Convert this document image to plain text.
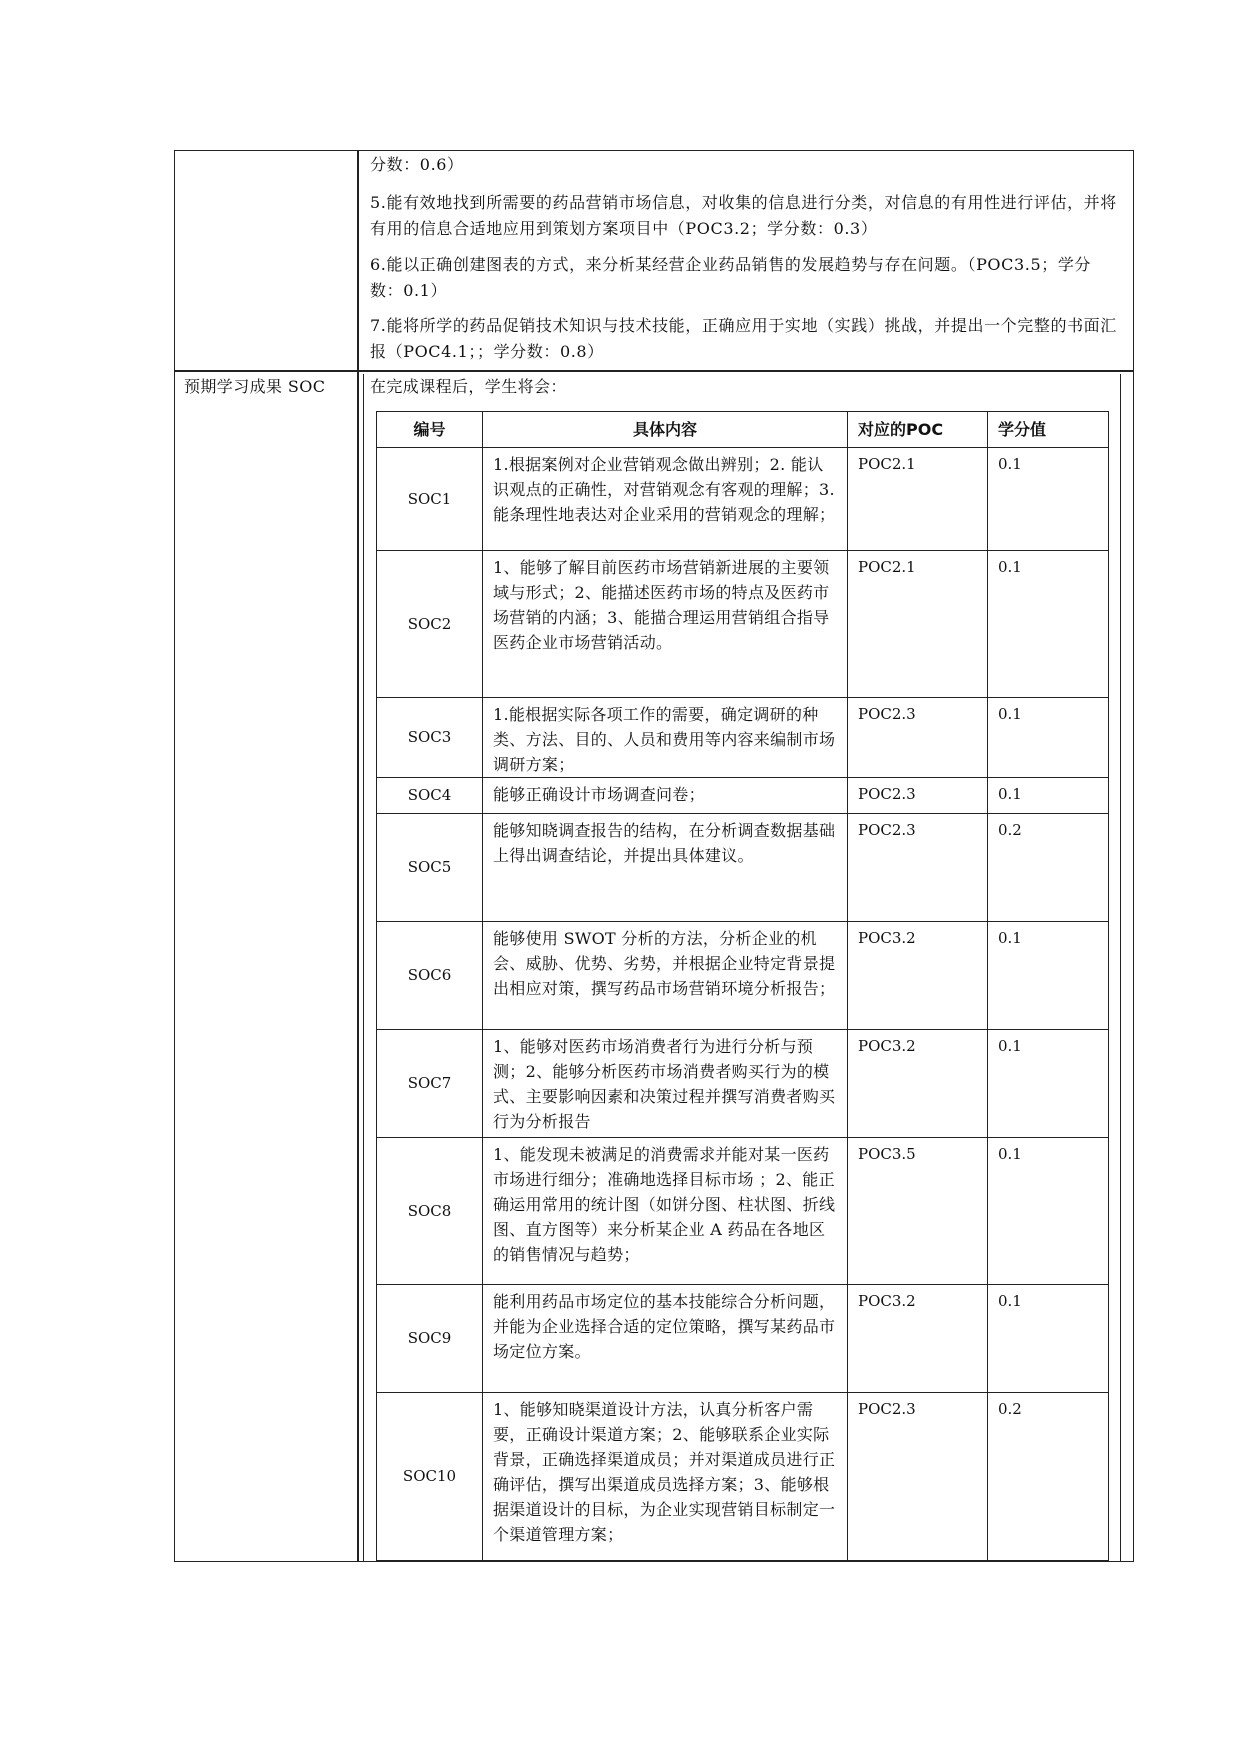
分数：0.6）
5.能有效地找到所需要的药品营销市场信息，对收集的信息进行分类，对信息的有用性进行评估，并将有用的信息合适地应用到策划方案项目中（POC3.2；学分数：0.3）
6.能以正确创建图表的方式，来分析某经营企业药品销售的发展趋势与存在问题。（POC3.5；学分数：0.1）
7.能将所学的药品促销技术知识与技术技能，正确应用于实地（实践）挑战，并提出一个完整的书面汇报（POC4.1；；学分数：0.8）
预期学习成果 SOC	在完成课程后，学生将会：
编号	具体内容	对应的POC	学分值
SOC1	1.根据案例对企业营销观念做出辨别；2. 能认识观点的正确性，对营销观念有客观的理解；3.能条理性地表达对企业采用的营销观念的理解；	POC2.1	0.1
SOC2	1、能够了解目前医药市场营销新进展的主要领域与形式；2、能描述医药市场的特点及医药市场营销的内涵；3、能描合理运用营销组合指导医药企业市场营销活动。	POC2.1	0.1
SOC3	1.能根据实际各项工作的需要，确定调研的种类、方法、目的、人员和费用等内容来编制市场调研方案；	POC2.3	0.1
SOC4	能够正确设计市场调查问卷；	POC2.3	0.1
SOC5	能够知晓调查报告的结构，在分析调查数据基础上得出调查结论，并提出具体建议。	POC2.3	0.2
SOC6	能够使用 SWOT 分析的方法，分析企业的机会、威胁、优势、劣势，并根据企业特定背景提出相应对策，撰写药品市场营销环境分析报告；	POC3.2	0.1
SOC7	1、能够对医药市场消费者行为进行分析与预测；2、能够分析医药市场消费者购买行为的模式、主要影响因素和决策过程并撰写消费者购买行为分析报告	POC3.2	0.1
SOC8	1、能发现未被满足的消费需求并能对某一医药市场进行细分；准确地选择目标市场 ；2、能正确运用常用的统计图（如饼分图、柱状图、折线图、直方图等）来分析某企业 A 药品在各地区的销售情况与趋势；	POC3.5	0.1
SOC9	能利用药品市场定位的基本技能综合分析问题，并能为企业选择合适的定位策略，撰写某药品市场定位方案。	POC3.2	0.1
SOC10	1、能够知晓渠道设计方法，认真分析客户需要，正确设计渠道方案；2、能够联系企业实际背景，正确选择渠道成员；并对渠道成员进行正确评估，撰写出渠道成员选择方案；3、能够根据渠道设计的目标，为企业实现营销目标制定一个渠道管理方案；	POC2.3	0.2
